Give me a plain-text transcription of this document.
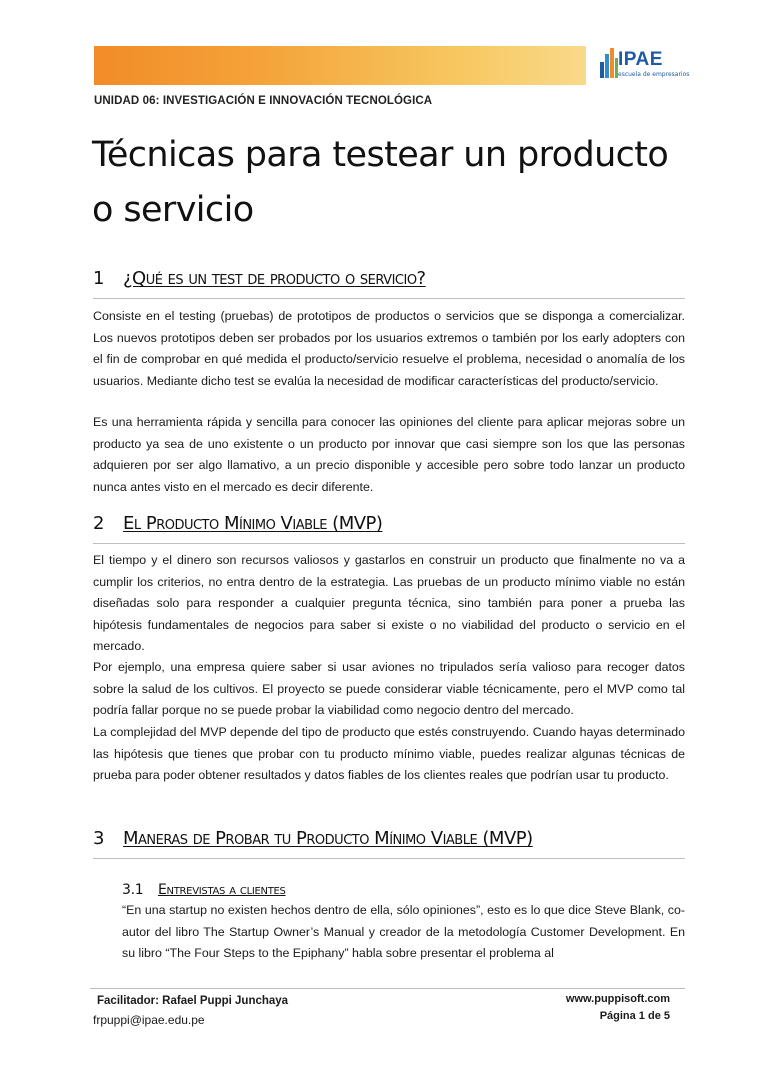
IPAE
escuela de empresarios
UNIDAD 06: INVESTIGACIÓN E INNOVACIÓN TECNOLÓGICA
Técnicas para testear un producto o servicio
1 ¿Qué es un test de producto o servicio?
Consiste en el testing (pruebas) de prototipos de productos o servicios que se disponga a comercializar. Los nuevos prototipos deben ser probados por los usuarios extremos o también por los early adopters con el fin de comprobar en qué medida el producto/servicio resuelve el problema, necesidad o anomalía de los usuarios. Mediante dicho test se evalúa la necesidad de modificar características del producto/servicio.
Es una herramienta rápida y sencilla para conocer las opiniones del cliente para aplicar mejoras sobre un producto ya sea de uno existente o un producto por innovar que casi siempre son los que las personas adquieren por ser algo llamativo, a un precio disponible y accesible pero sobre todo lanzar un producto nunca antes visto en el mercado es decir diferente.
2 El Producto Mínimo Viable (MVP)
El tiempo y el dinero son recursos valiosos y gastarlos en construir un producto que finalmente no va a cumplir los criterios, no entra dentro de la estrategia. Las pruebas de un producto mínimo viable no están diseñadas solo para responder a cualquier pregunta técnica, sino también para poner a prueba las hipótesis fundamentales de negocios para saber si existe o no viabilidad del producto o servicio en el mercado.
Por ejemplo, una empresa quiere saber si usar aviones no tripulados sería valioso para recoger datos sobre la salud de los cultivos. El proyecto se puede considerar viable técnicamente, pero el MVP como tal podría fallar porque no se puede probar la viabilidad como negocio dentro del mercado.
La complejidad del MVP depende del tipo de producto que estés construyendo. Cuando hayas determinado las hipótesis que tienes que probar con tu producto mínimo viable, puedes realizar algunas técnicas de prueba para poder obtener resultados y datos fiables de los clientes reales que podrían usar tu producto.
3 Maneras de Probar tu Producto Mínimo Viable (MVP)
3.1 Entrevistas a clientes
“En una startup no existen hechos dentro de ella, sólo opiniones”, esto es lo que dice Steve Blank, co-autor del libro The Startup Owner’s Manual y creador de la metodología Customer Development. En su libro “The Four Steps to the Epiphany” habla sobre presentar el problema al
Facilitador: Rafael Puppi Junchaya
frpuppi@ipae.edu.pe
www.puppisoft.com
Página 1 de 5
